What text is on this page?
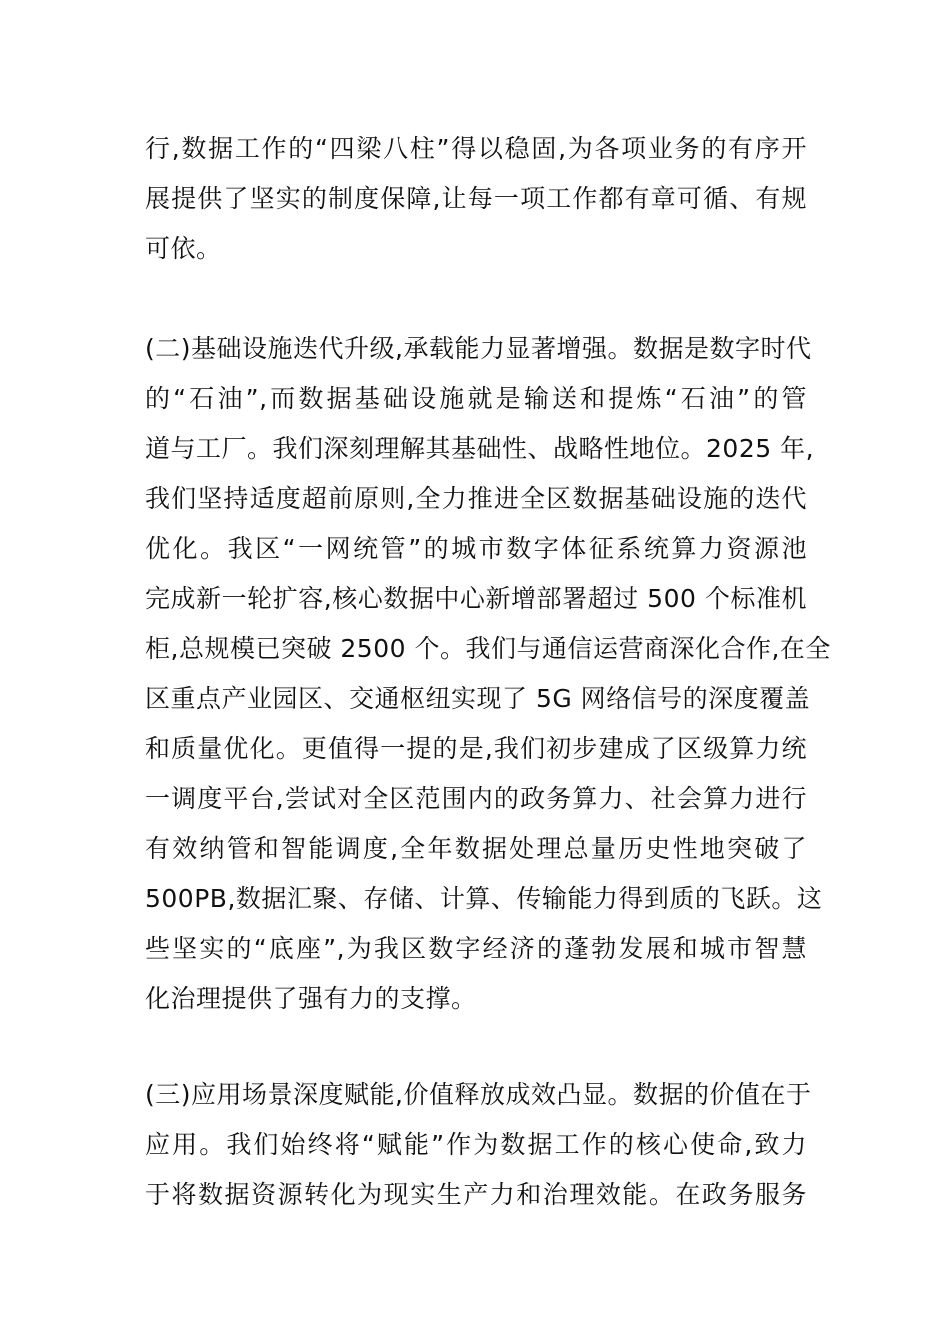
行,数据工作的“四梁八柱”得以稳固,为各项业务的有序开
展提供了坚实的制度保障,让每一项工作都有章可循、有规
可依。
(二)基础设施迭代升级,承载能力显著增强。数据是数字时代
的“石油”,而数据基础设施就是输送和提炼“石油”的管
道与工厂。我们深刻理解其基础性、战略性地位。2025 年,
我们坚持适度超前原则,全力推进全区数据基础设施的迭代
优化。我区“一网统管”的城市数字体征系统算力资源池
完成新一轮扩容,核心数据中心新增部署超过 500 个标准机
柜,总规模已突破 2500 个。我们与通信运营商深化合作,在全
区重点产业园区、交通枢纽实现了 5G 网络信号的深度覆盖
和质量优化。更值得一提的是,我们初步建成了区级算力统
一调度平台,尝试对全区范围内的政务算力、社会算力进行
有效纳管和智能调度,全年数据处理总量历史性地突破了
500PB,数据汇聚、存储、计算、传输能力得到质的飞跃。这
些坚实的“底座”,为我区数字经济的蓬勃发展和城市智慧
化治理提供了强有力的支撑。
(三)应用场景深度赋能,价值释放成效凸显。数据的价值在于
应用。我们始终将“赋能”作为数据工作的核心使命,致力
于将数据资源转化为现实生产力和治理效能。在政务服务
